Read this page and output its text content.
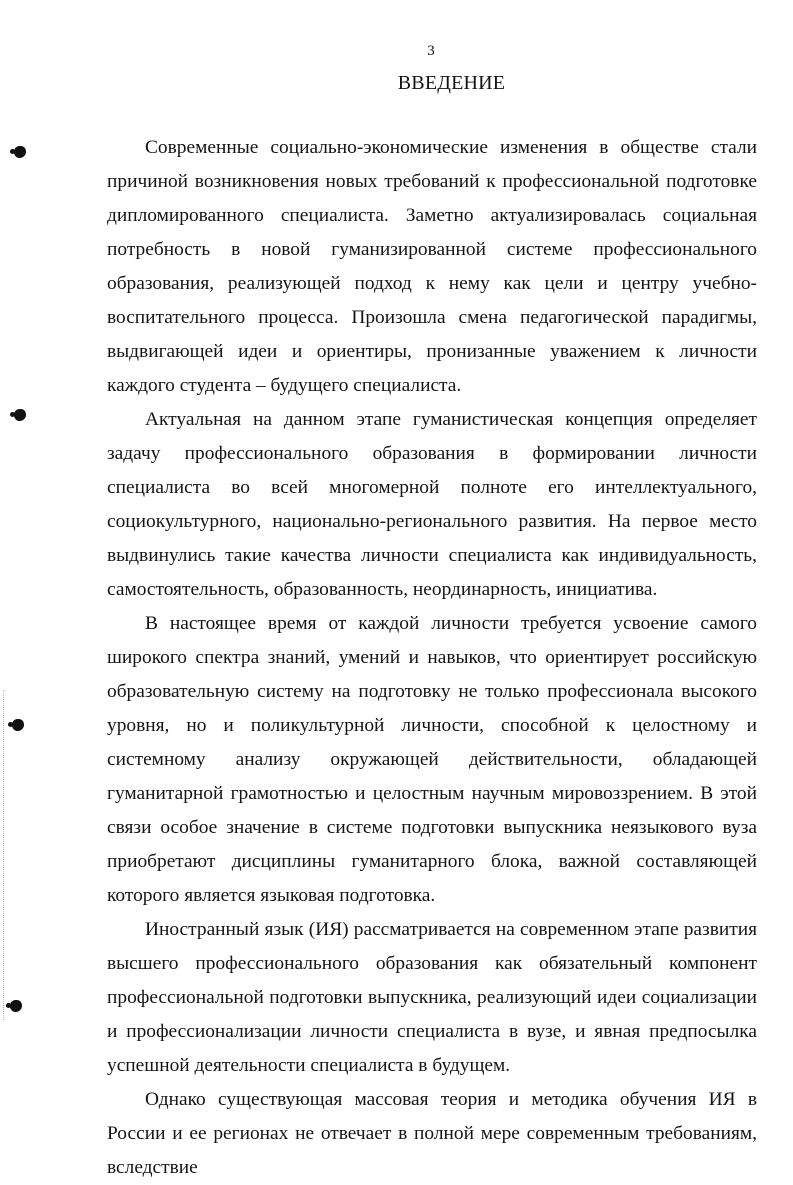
3
ВВЕДЕНИЕ

Современные социально-экономические изменения в обществе стали причиной возникновения новых требований к профессиональной подготовке дипломированного специалиста. Заметно актуализировалась социальная потребность в новой гуманизированной системе профессионального образования, реализующей подход к нему как цели и центру учебно-воспитательного процесса. Произошла смена педагогической парадигмы, выдвигающей идеи и ориентиры, пронизанные уважением к личности каждого студента – будущего специалиста.

Актуальная на данном этапе гуманистическая концепция определяет задачу профессионального образования в формировании личности специалиста во всей многомерной полноте его интеллектуального, социокультурного, национально-регионального развития. На первое место выдвинулись такие качества личности специалиста как индивидуальность, самостоятельность, образованность, неординарность, инициатива.

В настоящее время от каждой личности требуется усвоение самого широкого спектра знаний, умений и навыков, что ориентирует российскую образовательную систему на подготовку не только профессионала высокого уровня, но и поликультурной личности, способной к целостному и системному анализу окружающей действительности, обладающей гуманитарной грамотностью и целостным научным мировоззрением. В этой связи особое значение в системе подготовки выпускника неязыкового вуза приобретают дисциплины гуманитарного блока, важной составляющей которого является языковая подготовка.

Иностранный язык (ИЯ) рассматривается на современном этапе развития высшего профессионального образования как обязательный компонент профессиональной подготовки выпускника, реализующий идеи социализации и профессионализации личности специалиста в вузе, и явная предпосылка успешной деятельности специалиста в будущем.

Однако существующая массовая теория и методика обучения ИЯ в России и ее регионах не отвечает в полной мере современным требованиям, вследствие
